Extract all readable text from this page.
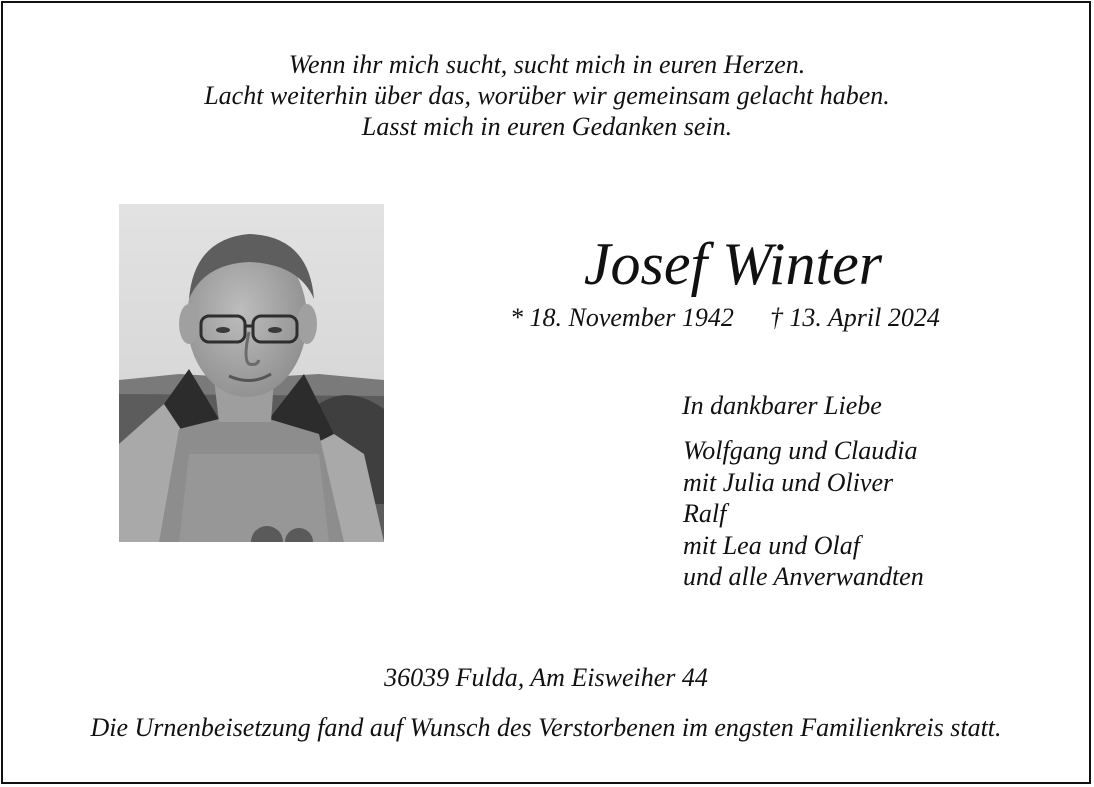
Wenn ihr mich sucht, sucht mich in euren Herzen.
Lacht weiterhin über das, worüber wir gemeinsam gelacht haben.
Lasst mich in euren Gedanken sein.
Josef Winter
* 18. November 1942 † 13. April 2024
In dankbarer Liebe
Wolfgang und Claudia
mit Julia und Oliver
Ralf
mit Lea und Olaf
und alle Anverwandten
36039 Fulda, Am Eisweiher 44
Die Urnenbeisetzung fand auf Wunsch des Verstorbenen im engsten Familienkreis statt.
